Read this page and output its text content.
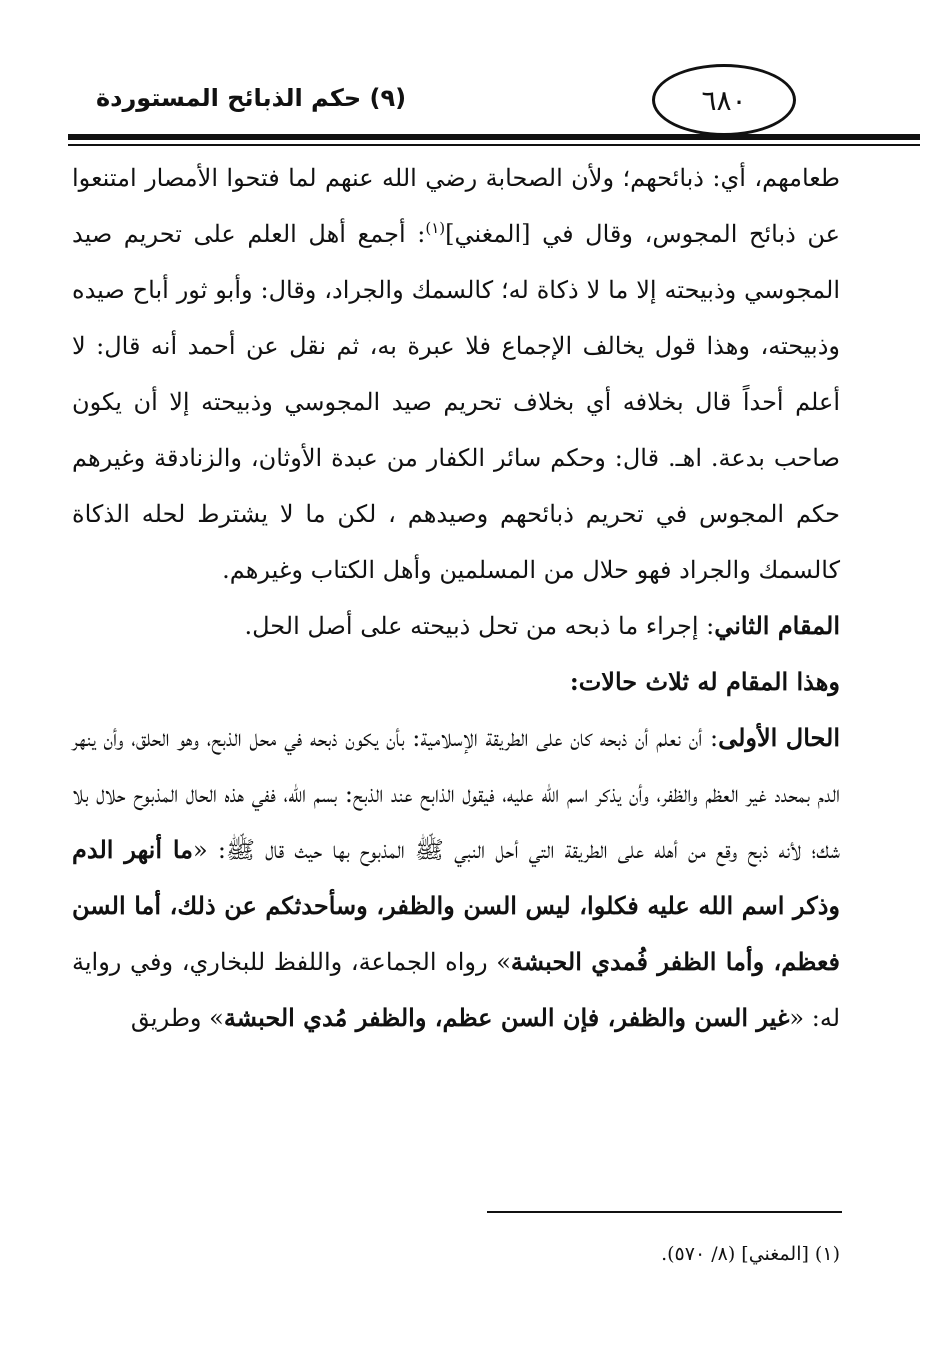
(٩) حكم الذبائح المستوردة	٦٨٠

طعامهم، أي: ذبائحهم؛ ولأن الصحابة رضي الله عنهم لما فتحوا الأمصار امتنعوا عن ذبائح المجوس، وقال في [المغني]$^{(١)}$: أجمع أهل العلم على تحريم صيد المجوسي وذبيحته إلا ما لا ذكاة له؛ كالسمك والجراد، وقال: وأبو ثور أباح صيده وذبيحته، وهذا قول يخالف الإجماع فلا عبرة به، ثم نقل عن أحمد أنه قال: لا أعلم أحداً قال بخلافه أي بخلاف تحريم صيد المجوسي وذبيحته إلا أن يكون صاحب بدعة. اهـ. قال: وحكم سائر الكفار من عبدة الأوثان، والزنادقة وغيرهم حكم المجوس في تحريم ذبائحهم وصيدهم ، لكن ما لا يشترط لحله الذكاة كالسمك والجراد فهو حلال من المسلمين وأهل الكتاب وغيرهم.

المقام الثاني: إجراء ما ذبحه من تحل ذبيحته على أصل الحل.

وهذا المقام له ثلاث حالات:

الحال الأولى: أن نعلم أن ذبحه كان على الطريقة الإسلامية: بأن يكون ذبحه في محل الذبح، وهو الحلق، وأن ينهر الدم بمحدد غير العظم والظفر، وأن يذكر اسم الله عليه، فيقول الذابح عند الذبح: بسم الله، ففي هذه الحال المذبوح حلال بلا شك؛ لأنه ذبح وقع من أهله على الطريقة التي أحل النبي ﷺ المذبوح بها حيث قال ﷺ: «ما أنهر الدم وذكر اسم الله عليه فكلوا، ليس السن والظفر، وسأحدثكم عن ذلك، أما السن فعظم، وأما الظفر فُمدي الحبشة» رواه الجماعة، واللفظ للبخاري، وفي رواية له: «غير السن والظفر، فإن السن عظم، والظفر مُدي الحبشة» وطريق

(١) [المغني] (٨/ ٥٧٠).
